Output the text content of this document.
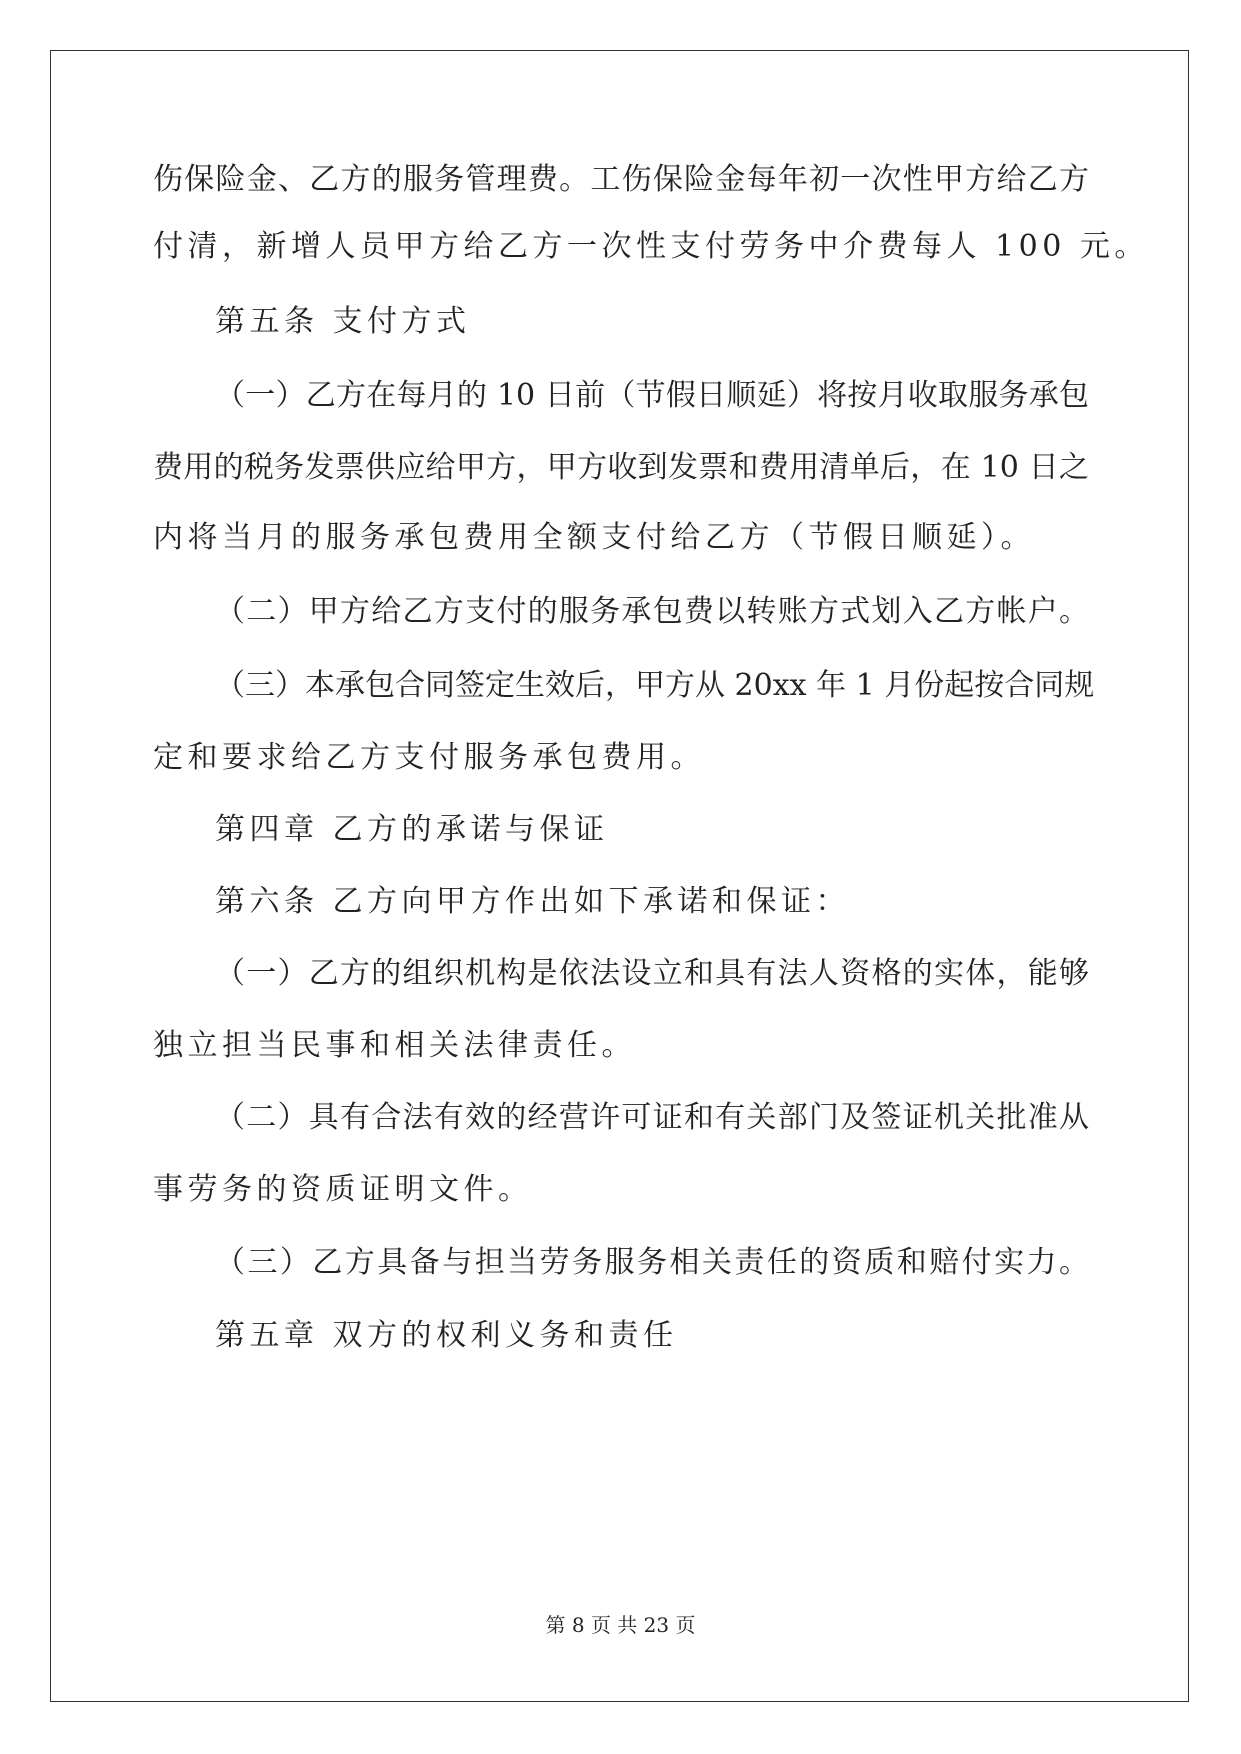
伤保险金、乙方的服务管理费。工伤保险金每年初一次性甲方给乙方
付清，新增人员甲方给乙方一次性支付劳务中介费每人 100 元。
第五条 支付方式
（一）乙方在每月的 10 日前（节假日顺延）将按月收取服务承包
费用的税务发票供应给甲方，甲方收到发票和费用清单后，在 10 日之
内将当月的服务承包费用全额支付给乙方（节假日顺延）。
（二）甲方给乙方支付的服务承包费以转账方式划入乙方帐户。
（三）本承包合同签定生效后，甲方从 20xx 年 1 月份起按合同规
定和要求给乙方支付服务承包费用。
第四章 乙方的承诺与保证
第六条 乙方向甲方作出如下承诺和保证：
（一）乙方的组织机构是依法设立和具有法人资格的实体，能够
独立担当民事和相关法律责任。
（二）具有合法有效的经营许可证和有关部门及签证机关批准从
事劳务的资质证明文件。
（三）乙方具备与担当劳务服务相关责任的资质和赔付实力。
第五章 双方的权利义务和责任
第 8 页 共 23 页
